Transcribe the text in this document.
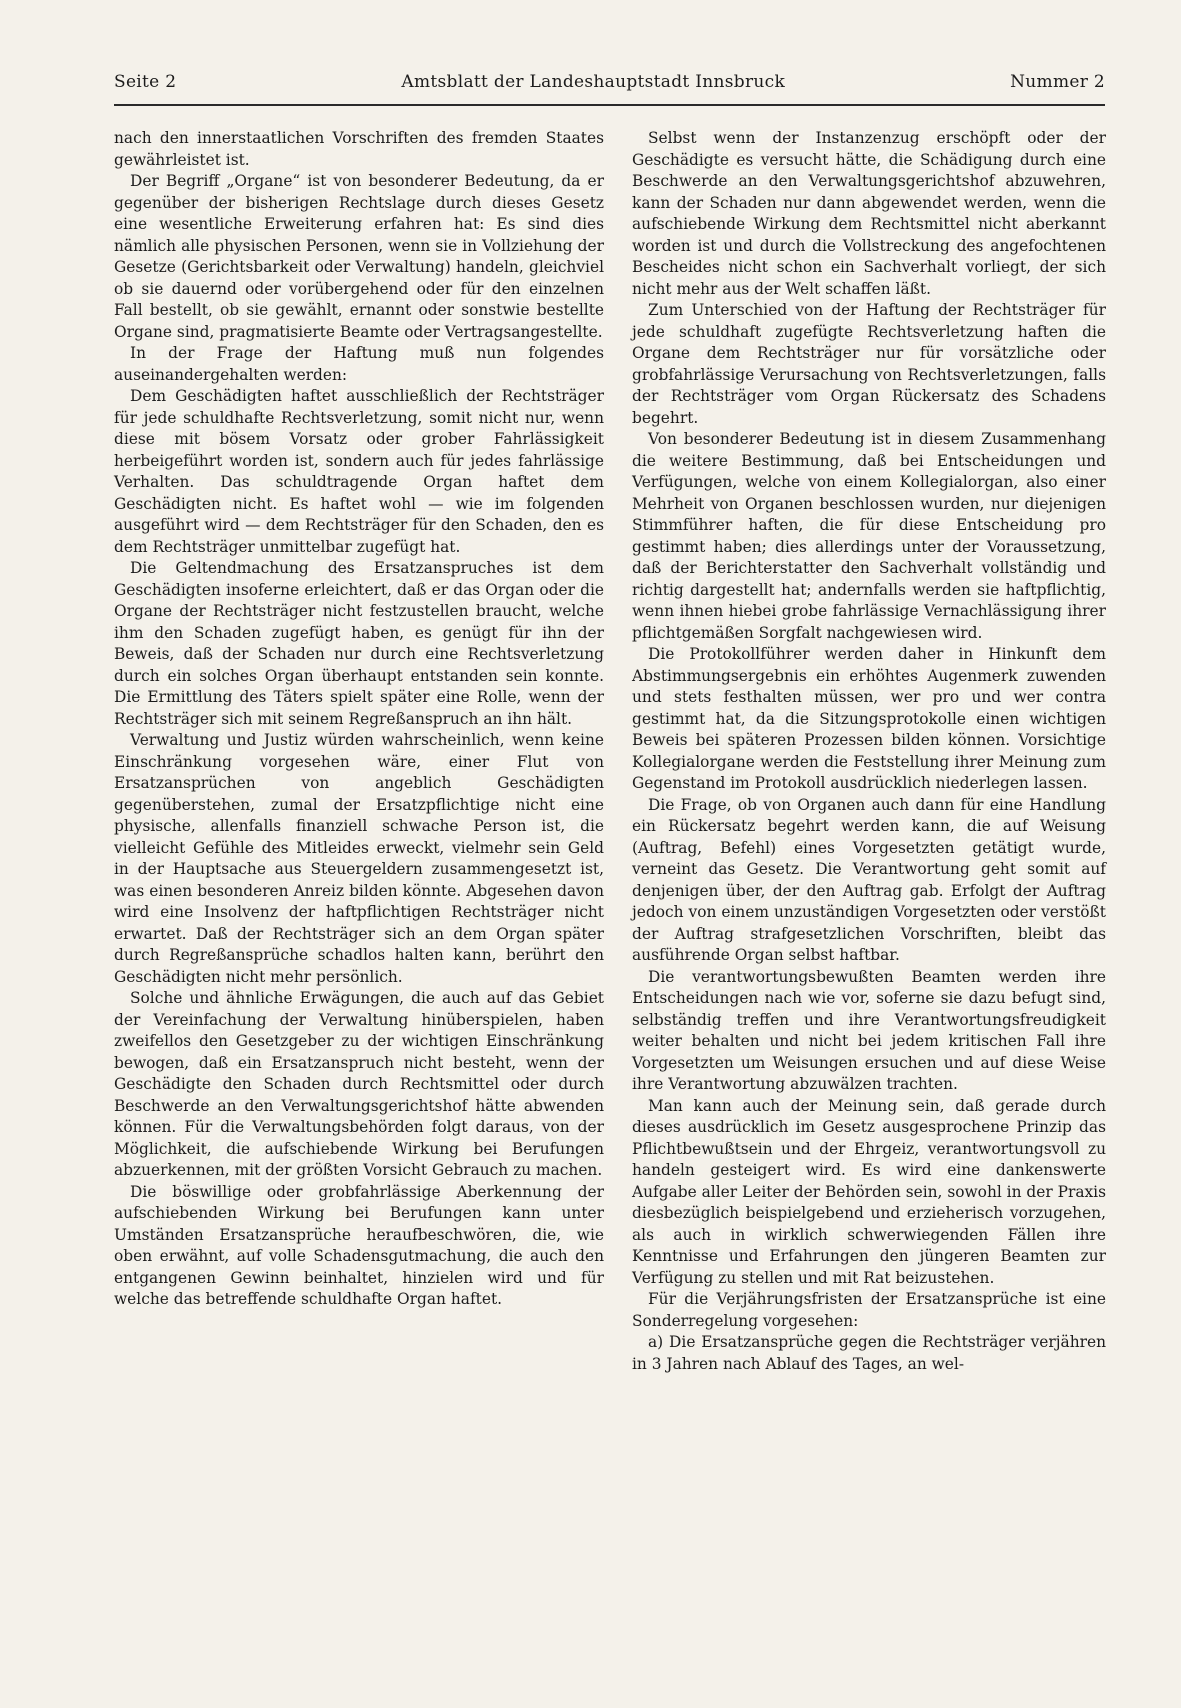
Seite 2	Amtsblatt der Landeshauptstadt Innsbruck	Nummer 2

nach den innerstaatlichen Vorschriften des fremden Staates gewährleistet ist.

Der Begriff „Organe“ ist von besonderer Bedeutung, da er gegenüber der bisherigen Rechtslage durch dieses Gesetz eine wesentliche Erweiterung erfahren hat: Es sind dies nämlich alle physischen Personen, wenn sie in Vollziehung der Gesetze (Gerichtsbarkeit oder Verwaltung) handeln, gleichviel ob sie dauernd oder vorübergehend oder für den einzelnen Fall bestellt, ob sie gewählt, ernannt oder sonstwie bestellte Organe sind, pragmatisierte Beamte oder Vertragsangestellte.

In der Frage der Haftung muß nun folgendes auseinandergehalten werden:

Dem Geschädigten haftet ausschließlich der Rechtsträger für jede schuldhafte Rechtsverletzung, somit nicht nur, wenn diese mit bösem Vorsatz oder grober Fahrlässigkeit herbeigeführt worden ist, sondern auch für jedes fahrlässige Verhalten. Das schuldtragende Organ haftet dem Geschädigten nicht. Es haftet wohl — wie im folgenden ausgeführt wird — dem Rechtsträger für den Schaden, den es dem Rechtsträger unmittelbar zugefügt hat.

Die Geltendmachung des Ersatzanspruches ist dem Geschädigten insoferne erleichtert, daß er das Organ oder die Organe der Rechtsträger nicht festzustellen braucht, welche ihm den Schaden zugefügt haben, es genügt für ihn der Beweis, daß der Schaden nur durch eine Rechtsverletzung durch ein solches Organ überhaupt entstanden sein konnte. Die Ermittlung des Täters spielt später eine Rolle, wenn der Rechtsträger sich mit seinem Regreßanspruch an ihn hält.

Verwaltung und Justiz würden wahrscheinlich, wenn keine Einschränkung vorgesehen wäre, einer Flut von Ersatzansprüchen von angeblich Geschädigten gegenüberstehen, zumal der Ersatzpflichtige nicht eine physische, allenfalls finanziell schwache Person ist, die vielleicht Gefühle des Mitleides erweckt, vielmehr sein Geld in der Hauptsache aus Steuergeldern zusammengesetzt ist, was einen besonderen Anreiz bilden könnte. Abgesehen davon wird eine Insolvenz der haftpflichtigen Rechtsträger nicht erwartet. Daß der Rechtsträger sich an dem Organ später durch Regreßansprüche schadlos halten kann, berührt den Geschädigten nicht mehr persönlich.

Solche und ähnliche Erwägungen, die auch auf das Gebiet der Vereinfachung der Verwaltung hinüberspielen, haben zweifellos den Gesetzgeber zu der wichtigen Einschränkung bewogen, daß ein Ersatzanspruch nicht besteht, wenn der Geschädigte den Schaden durch Rechtsmittel oder durch Beschwerde an den Verwaltungsgerichtshof hätte abwenden können. Für die Verwaltungsbehörden folgt daraus, von der Möglichkeit, die aufschiebende Wirkung bei Berufungen abzuerkennen, mit der größten Vorsicht Gebrauch zu machen.

Die böswillige oder grobfahrlässige Aberkennung der aufschiebenden Wirkung bei Berufungen kann unter Umständen Ersatzansprüche heraufbeschwören, die, wie oben erwähnt, auf volle Schadensgutmachung, die auch den entgangenen Gewinn beinhaltet, hinzielen wird und für welche das betreffende schuldhafte Organ haftet.

Selbst wenn der Instanzenzug erschöpft oder der Geschädigte es versucht hätte, die Schädigung durch eine Beschwerde an den Verwaltungsgerichtshof abzuwehren, kann der Schaden nur dann abgewendet werden, wenn die aufschiebende Wirkung dem Rechtsmittel nicht aberkannt worden ist und durch die Vollstreckung des angefochtenen Bescheides nicht schon ein Sachverhalt vorliegt, der sich nicht mehr aus der Welt schaffen läßt.

Zum Unterschied von der Haftung der Rechtsträger für jede schuldhaft zugefügte Rechtsverletzung haften die Organe dem Rechtsträger nur für vorsätzliche oder grobfahrlässige Verursachung von Rechtsverletzungen, falls der Rechtsträger vom Organ Rückersatz des Schadens begehrt.

Von besonderer Bedeutung ist in diesem Zusammenhang die weitere Bestimmung, daß bei Entscheidungen und Verfügungen, welche von einem Kollegialorgan, also einer Mehrheit von Organen beschlossen wurden, nur diejenigen Stimmführer haften, die für diese Entscheidung pro gestimmt haben; dies allerdings unter der Voraussetzung, daß der Berichterstatter den Sachverhalt vollständig und richtig dargestellt hat; andernfalls werden sie haftpflichtig, wenn ihnen hiebei grobe fahrlässige Vernachlässigung ihrer pflichtgemäßen Sorgfalt nachgewiesen wird.

Die Protokollführer werden daher in Hinkunft dem Abstimmungsergebnis ein erhöhtes Augenmerk zuwenden und stets festhalten müssen, wer pro und wer contra gestimmt hat, da die Sitzungsprotokolle einen wichtigen Beweis bei späteren Prozessen bilden können. Vorsichtige Kollegialorgane werden die Feststellung ihrer Meinung zum Gegenstand im Protokoll ausdrücklich niederlegen lassen.

Die Frage, ob von Organen auch dann für eine Handlung ein Rückersatz begehrt werden kann, die auf Weisung (Auftrag, Befehl) eines Vorgesetzten getätigt wurde, verneint das Gesetz. Die Verantwortung geht somit auf denjenigen über, der den Auftrag gab. Erfolgt der Auftrag jedoch von einem unzuständigen Vorgesetzten oder verstößt der Auftrag strafgesetzlichen Vorschriften, bleibt das ausführende Organ selbst haftbar.

Die verantwortungsbewußten Beamten werden ihre Entscheidungen nach wie vor, soferne sie dazu befugt sind, selbständig treffen und ihre Verantwortungsfreudigkeit weiter behalten und nicht bei jedem kritischen Fall ihre Vorgesetzten um Weisungen ersuchen und auf diese Weise ihre Verantwortung abzuwälzen trachten.

Man kann auch der Meinung sein, daß gerade durch dieses ausdrücklich im Gesetz ausgesprochene Prinzip das Pflichtbewußtsein und der Ehrgeiz, verantwortungsvoll zu handeln gesteigert wird. Es wird eine dankenswerte Aufgabe aller Leiter der Behörden sein, sowohl in der Praxis diesbezüglich beispielgebend und erzieherisch vorzugehen, als auch in wirklich schwerwiegenden Fällen ihre Kenntnisse und Erfahrungen den jüngeren Beamten zur Verfügung zu stellen und mit Rat beizustehen.

Für die Verjährungsfristen der Ersatzansprüche ist eine Sonderregelung vorgesehen:

a) Die Ersatzansprüche gegen die Rechtsträger verjähren in 3 Jahren nach Ablauf des Tages, an wel-
